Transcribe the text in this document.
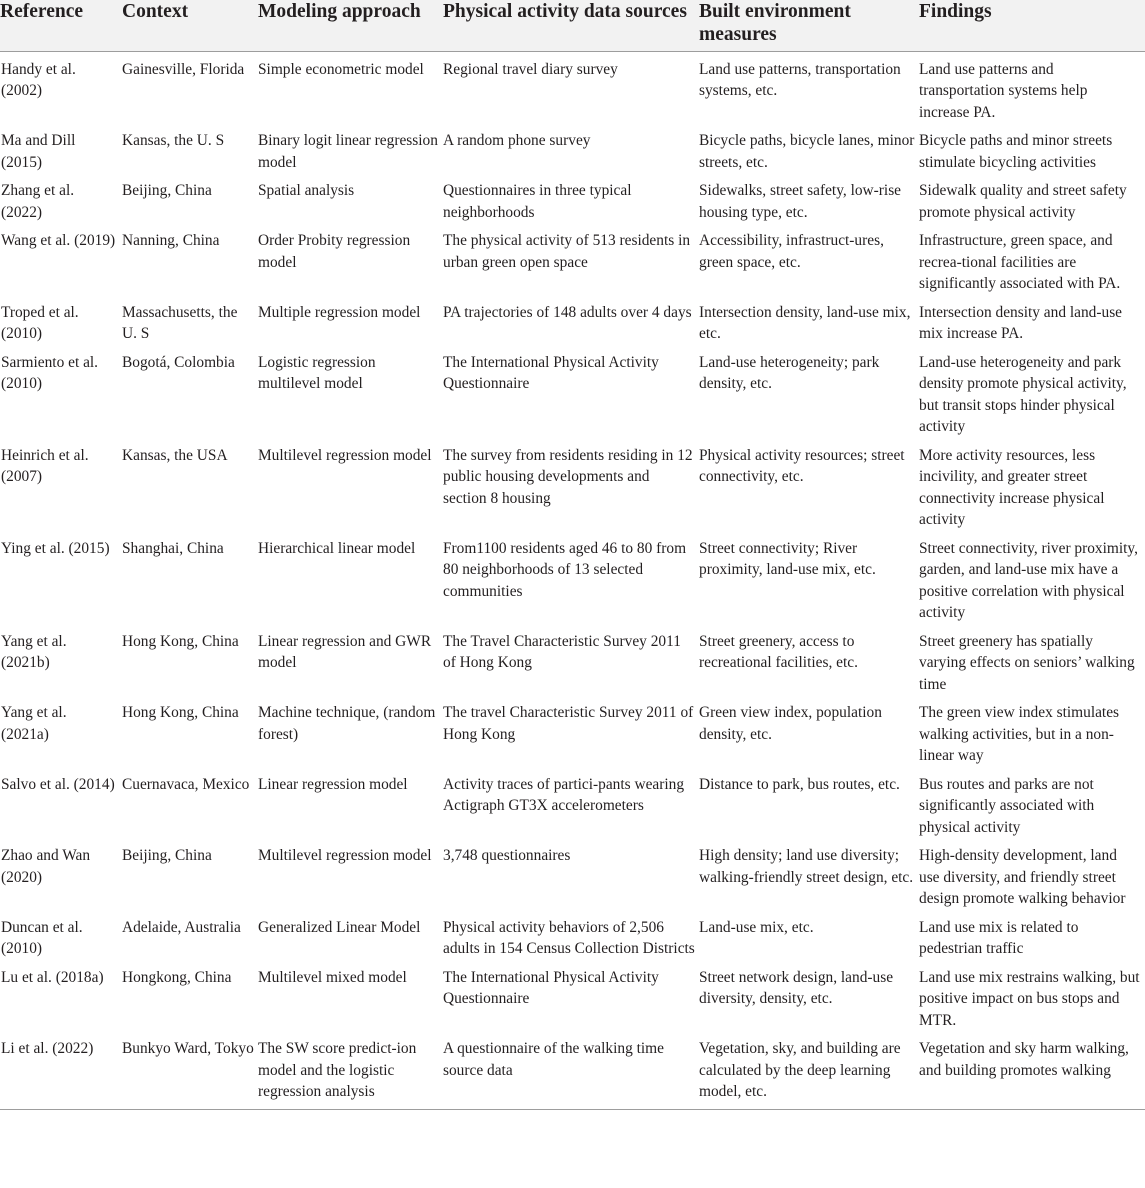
Reference	Context	Modeling approach	Physical activity data sources	Built environment measures	Findings
Handy et al. (2002)	Gainesville, Florida	Simple econometric model	Regional travel diary survey	Land use patterns, transportation systems, etc.	Land use patterns and transportation systems help increase PA.
Ma and Dill (2015)	Kansas, the U. S	Binary logit linear regression model	A random phone survey	Bicycle paths, bicycle lanes, minor streets, etc.	Bicycle paths and minor streets stimulate bicycling activities
Zhang et al. (2022)	Beijing, China	Spatial analysis	Questionnaires in three typical neighborhoods	Sidewalks, street safety, low-rise housing type, etc.	Sidewalk quality and street safety promote physical activity
Wang et al. (2019)	Nanning, China	Order Probity regression model	The physical activity of 513 residents in urban green open space	Accessibility, infrastruct-ures, green space, etc.	Infrastructure, green space, and recrea-tional facilities are significantly associated with PA.
Troped et al. (2010)	Massachusetts, the U. S	Multiple regression model	PA trajectories of 148 adults over 4 days	Intersection density, land-use mix, etc.	Intersection density and land-use mix increase PA.
Sarmiento et al. (2010)	Bogotá, Colombia	Logistic regression multilevel model	The International Physical Activity Questionnaire	Land-use heterogeneity; park density, etc.	Land-use heterogeneity and park density promote physical activity, but transit stops hinder physical activity
Heinrich et al. (2007)	Kansas, the USA	Multilevel regression model	The survey from residents residing in 12 public housing developments and section 8 housing	Physical activity resources; street connectivity, etc.	More activity resources, less incivility, and greater street connectivity increase physical activity
Ying et al. (2015)	Shanghai, China	Hierarchical linear model	From1100 residents aged 46 to 80 from 80 neighborhoods of 13 selected communities	Street connectivity; River proximity, land-use mix, etc.	Street connectivity, river proximity, garden, and land-use mix have a positive correlation with physical activity
Yang et al. (2021b)	Hong Kong, China	Linear regression and GWR model	The Travel Characteristic Survey 2011 of Hong Kong	Street greenery, access to recreational facilities, etc.	Street greenery has spatially varying effects on seniors’ walking time
Yang et al. (2021a)	Hong Kong, China	Machine technique, (random forest)	The travel Characteristic Survey 2011 of Hong Kong	Green view index, population density, etc.	The green view index stimulates walking activities, but in a non-linear way
Salvo et al. (2014)	Cuernavaca, Mexico	Linear regression model	Activity traces of partici-pants wearing Actigraph GT3X accelerometers	Distance to park, bus routes, etc.	Bus routes and parks are not significantly associated with physical activity
Zhao and Wan (2020)	Beijing, China	Multilevel regression model	3,748 questionnaires	High density; land use diversity; walking-friendly street design, etc.	High-density development, land use diversity, and friendly street design promote walking behavior
Duncan et al. (2010)	Adelaide, Australia	Generalized Linear Model	Physical activity behaviors of 2,506 adults in 154 Census Collection Districts	Land-use mix, etc.	Land use mix is related to pedestrian traffic
Lu et al. (2018a)	Hongkong, China	Multilevel mixed model	The International Physical Activity Questionnaire	Street network design, land-use diversity, density, etc.	Land use mix restrains walking, but positive impact on bus stops and MTR.
Li et al. (2022)	Bunkyo Ward, Tokyo	The SW score predict-ion model and the logistic regression analysis	A questionnaire of the walking time source data	Vegetation, sky, and building are calculated by the deep learning model, etc.	Vegetation and sky harm walking, and building promotes walking
